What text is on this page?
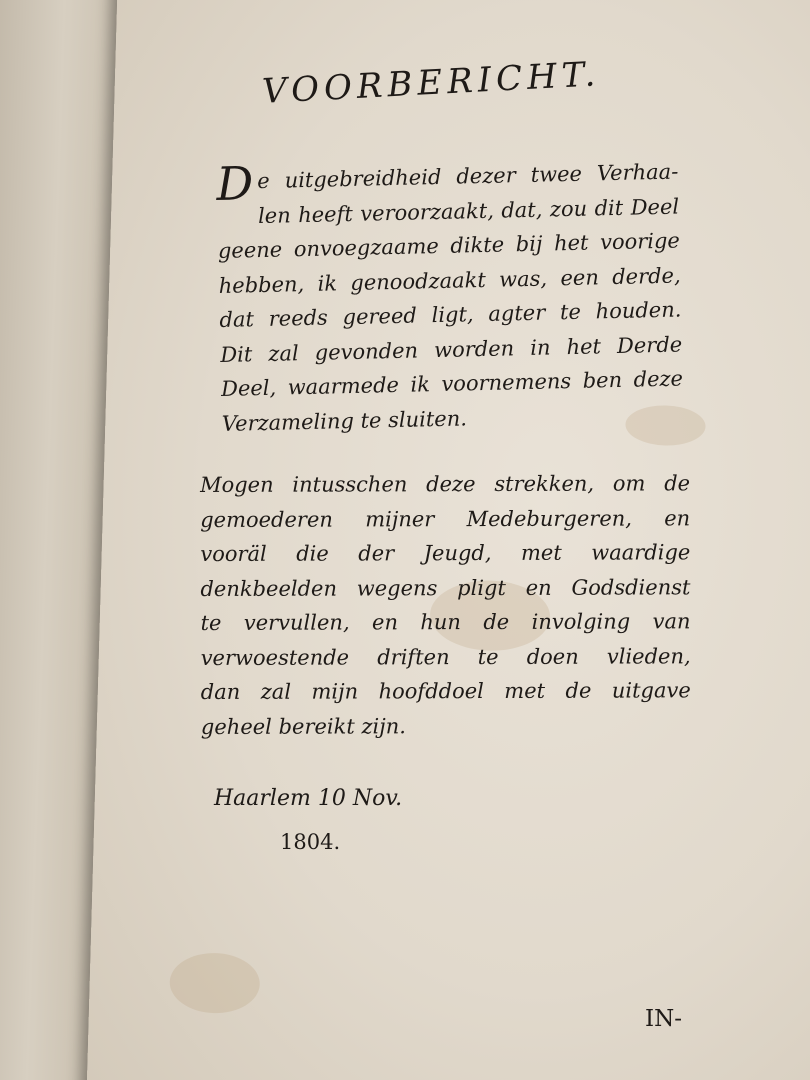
VOORBERICHT.
D e uitgebreidheid dezer twee Verhaa-
len heeft veroorzaakt, dat, zou dit Deel
geene onvoegzaame dikte bij het voorige
hebben, ik genoodzaakt was, een derde,
dat reeds gereed ligt, agter te houden.
Dit zal gevonden worden in het Derde
Deel, waarmede ik voornemens ben deze
Verzameling te sluiten.
Mogen intusschen deze strekken, om de
gemoederen mijner Medeburgeren, en
vooräl die der Jeugd, met waardige
denkbeelden wegens pligt en Godsdienst
te vervullen, en hun de involging van
verwoestende driften te doen vlieden,
dan zal mijn hoofddoel met de uitgave
geheel bereikt zijn.
Haarlem 10 Nov.
1804.
IN-
